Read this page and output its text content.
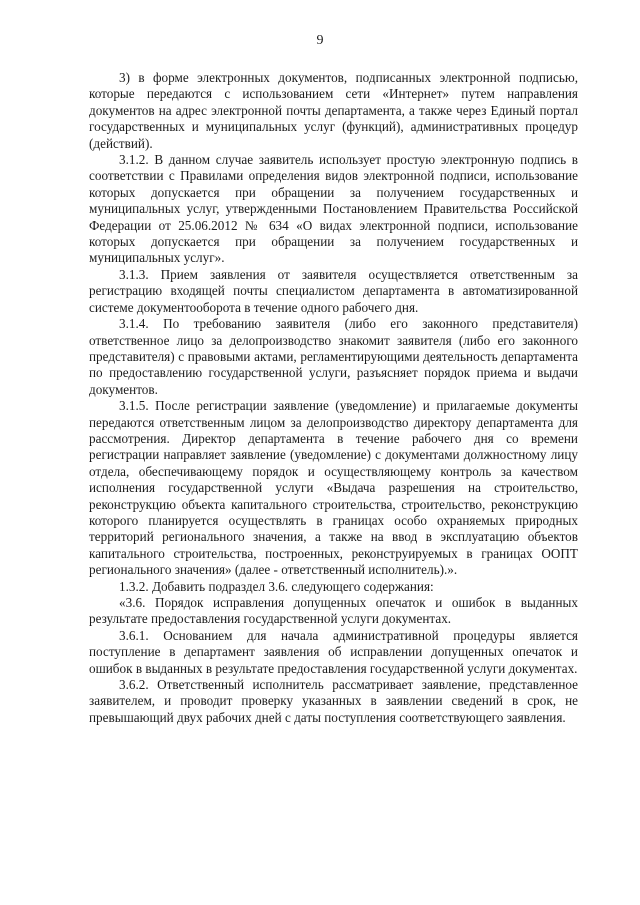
9

3) в форме электронных документов, подписанных электронной подписью, которые передаются с использованием сети «Интернет» путем направления документов на адрес электронной почты департамента, а также через Единый портал государственных и муниципальных услуг (функций), административных процедур (действий).

3.1.2. В данном случае заявитель использует простую электронную подпись в соответствии с Правилами определения видов электронной подписи, использование которых допускается при обращении за получением государственных и муниципальных услуг, утвержденными Постановлением Правительства Российской Федерации от 25.06.2012 № 634 «О видах электронной подписи, использование которых допускается при обращении за получением государственных и муниципальных услуг».

3.1.3. Прием заявления от заявителя осуществляется ответственным за регистрацию входящей почты специалистом департамента в автоматизированной системе документооборота в течение одного рабочего дня.

3.1.4. По требованию заявителя (либо его законного представителя) ответственное лицо за делопроизводство знакомит заявителя (либо его законного представителя) с правовыми актами, регламентирующими деятельность департамента по предоставлению государственной услуги, разъясняет порядок приема и выдачи документов.

3.1.5. После регистрации заявление (уведомление) и прилагаемые документы передаются ответственным лицом за делопроизводство директору департамента для рассмотрения. Директор департамента в течение рабочего дня со времени регистрации направляет заявление (уведомление) с документами должностному лицу отдела, обеспечивающему порядок и осуществляющему контроль за качеством исполнения государственной услуги «Выдача разрешения на строительство, реконструкцию объекта капитального строительства, строительство, реконструкцию которого планируется осуществлять в границах особо охраняемых природных территорий регионального значения, а также на ввод в эксплуатацию объектов капитального строительства, построенных, реконструируемых в границах ООПТ регионального значения» (далее - ответственный исполнитель).».

1.3.2. Добавить подраздел 3.6. следующего содержания:

«3.6. Порядок исправления допущенных опечаток и ошибок в выданных результате предоставления государственной услуги документах.

3.6.1. Основанием для начала административной процедуры является поступление в департамент заявления об исправлении допущенных опечаток и ошибок в выданных в результате предоставления государственной услуги документах.

3.6.2. Ответственный исполнитель рассматривает заявление, представленное заявителем, и проводит проверку указанных в заявлении сведений в срок, не превышающий двух рабочих дней с даты поступления соответствующего заявления.
